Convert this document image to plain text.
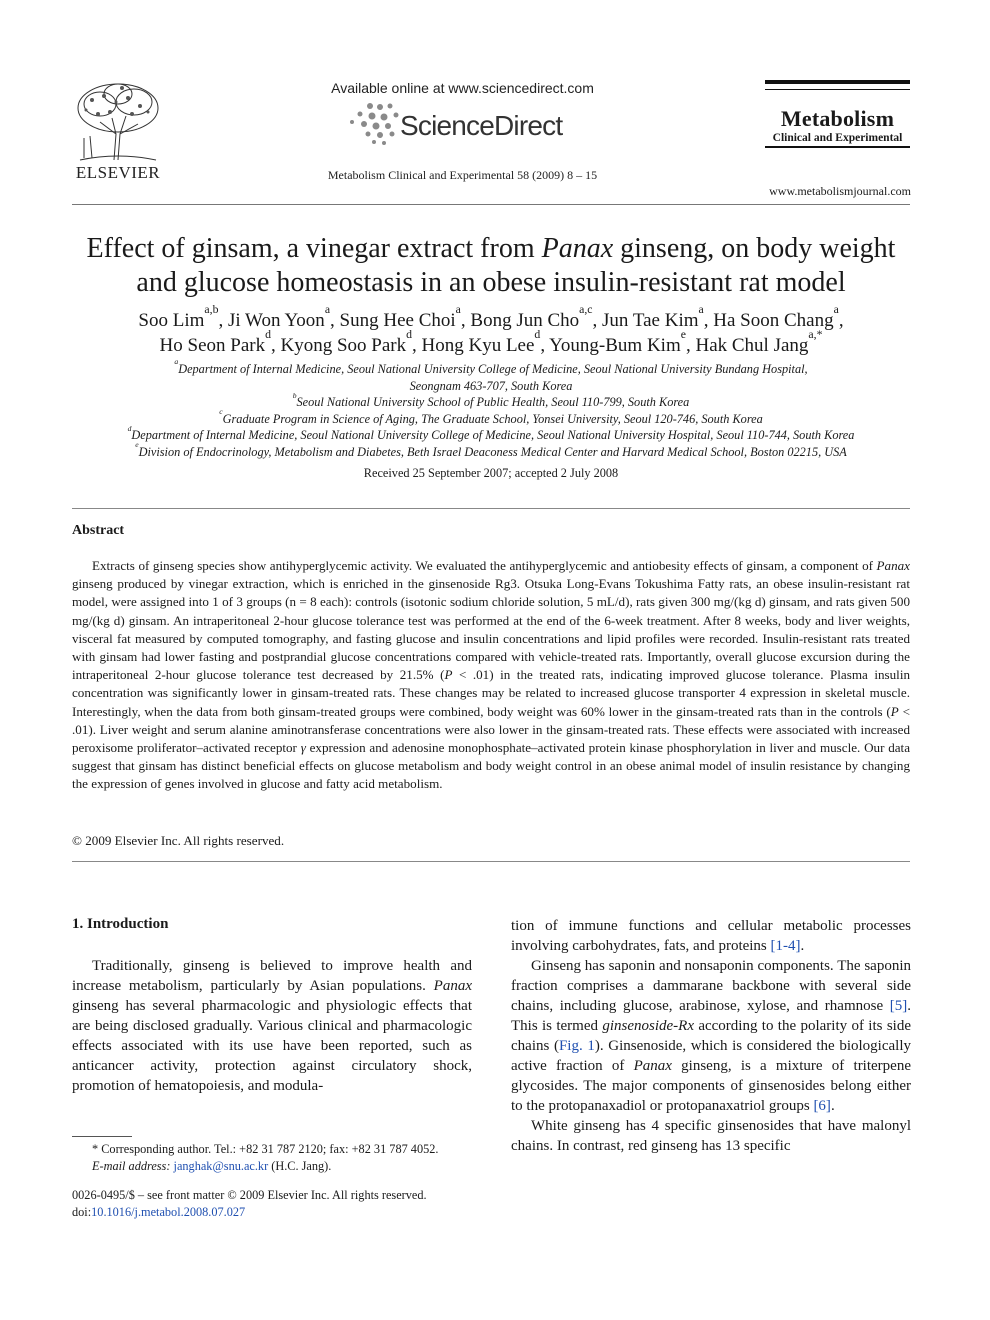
ELSEVIER
Available online at www.sciencedirect.com
ScienceDirect
Metabolism Clinical and Experimental 58 (2009) 8 – 15
Metabolism
Clinical and Experimental
www.metabolismjournal.com
Effect of ginsam, a vinegar extract from Panax ginseng, on body weight and glucose homeostasis in an obese insulin-resistant rat model
Soo Lim$^{a,b}$, Ji Won Yoon$^a$, Sung Hee Choi$^a$, Bong Jun Cho$^{a,c}$, Jun Tae Kim$^a$, Ha Soon Chang$^a$,
Ho Seon Park$^d$, Kyong Soo Park$^d$, Hong Kyu Lee$^d$, Young-Bum Kim$^e$, Hak Chul Jang$^{a,*}$
$^a$Department of Internal Medicine, Seoul National University College of Medicine, Seoul National University Bundang Hospital,
Seongnam 463-707, South Korea
$^b$Seoul National University School of Public Health, Seoul 110-799, South Korea
$^c$Graduate Program in Science of Aging, The Graduate School, Yonsei University, Seoul 120-746, South Korea
$^d$Department of Internal Medicine, Seoul National University College of Medicine, Seoul National University Hospital, Seoul 110-744, South Korea
$^e$Division of Endocrinology, Metabolism and Diabetes, Beth Israel Deaconess Medical Center and Harvard Medical School, Boston 02215, USA
Received 25 September 2007; accepted 2 July 2008
Abstract
Extracts of ginseng species show antihyperglycemic activity. We evaluated the antihyperglycemic and antiobesity effects of ginsam, a component of Panax ginseng produced by vinegar extraction, which is enriched in the ginsenoside Rg3. Otsuka Long-Evans Tokushima Fatty rats, an obese insulin-resistant rat model, were assigned into 1 of 3 groups (n = 8 each): controls (isotonic sodium chloride solution, 5 mL/d), rats given 300 mg/(kg d) ginsam, and rats given 500 mg/(kg d) ginsam. An intraperitoneal 2-hour glucose tolerance test was performed at the end of the 6-week treatment. After 8 weeks, body and liver weights, visceral fat measured by computed tomography, and fasting glucose and insulin concentrations and lipid profiles were recorded. Insulin-resistant rats treated with ginsam had lower fasting and postprandial glucose concentrations compared with vehicle-treated rats. Importantly, overall glucose excursion during the intraperitoneal 2-hour glucose tolerance test decreased by 21.5% (P < .01) in the treated rats, indicating improved glucose tolerance. Plasma insulin concentration was significantly lower in ginsam-treated rats. These changes may be related to increased glucose transporter 4 expression in skeletal muscle. Interestingly, when the data from both ginsam-treated groups were combined, body weight was 60% lower in the ginsam-treated rats than in the controls (P < .01). Liver weight and serum alanine aminotransferase concentrations were also lower in the ginsam-treated rats. These effects were associated with increased peroxisome proliferator–activated receptor γ expression and adenosine monophosphate–activated protein kinase phosphorylation in liver and muscle. Our data suggest that ginsam has distinct beneficial effects on glucose metabolism and body weight control in an obese animal model of insulin resistance by changing the expression of genes involved in glucose and fatty acid metabolism.
© 2009 Elsevier Inc. All rights reserved.
1. Introduction

Traditionally, ginseng is believed to improve health and increase metabolism, particularly by Asian populations. Panax ginseng has several pharmacologic and physiologic effects that are being disclosed gradually. Various clinical and pharmacologic effects associated with its use have been reported, such as anticancer activity, protection against circulatory shock, promotion of hematopoiesis, and modula-

tion of immune functions and cellular metabolic processes involving carbohydrates, fats, and proteins [1-4].

Ginseng has saponin and nonsaponin components. The saponin fraction comprises a dammarane backbone with several side chains, including glucose, arabinose, xylose, and rhamnose [5]. This is termed ginsenoside-Rx according to the polarity of its side chains (Fig. 1). Ginsenoside, which is considered the biologically active fraction of Panax ginseng, is a mixture of triterpene glycosides. The major components of ginsenosides belong either to the protopanaxadiol or protopanaxatriol groups [6].

White ginseng has 4 specific ginsenosides that have malonyl chains. In contrast, red ginseng has 13 specific

* Corresponding author. Tel.: +82 31 787 2120; fax: +82 31 787 4052.
E-mail address: janghak@snu.ac.kr (H.C. Jang).
0026-0495/$ – see front matter © 2009 Elsevier Inc. All rights reserved.
doi:10.1016/j.metabol.2008.07.027
